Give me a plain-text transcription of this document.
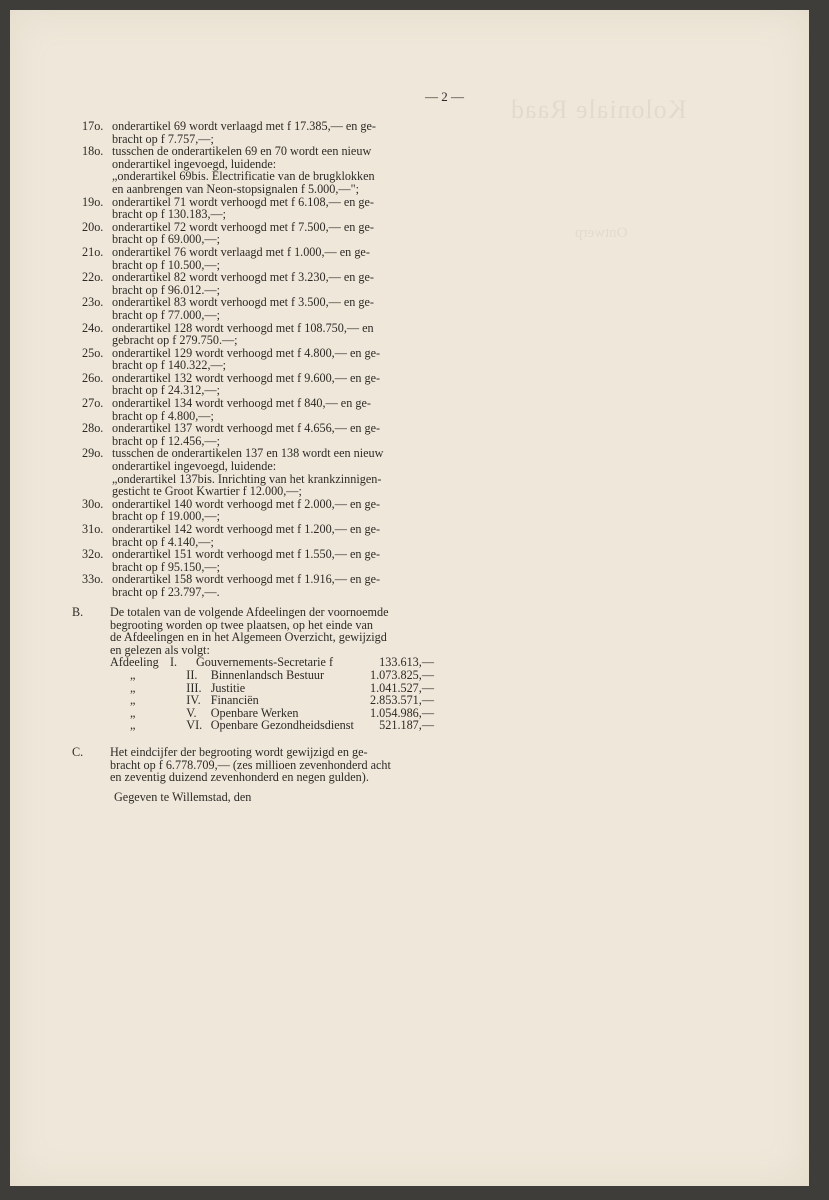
Koloniale Raad
Ontwerp
— 2 —
17o. onderartikel 69 wordt verlaagd met f 17.385,— en ge-
bracht op f 7.757,—;
18o. tusschen de onderartikelen 69 en 70 wordt een nieuw
onderartikel ingevoegd, luidende:
„onderartikel 69bis. Electrificatie van de brugklokken
en aanbrengen van Neon-stopsignalen f 5.000,—";
19o. onderartikel 71 wordt verhoogd met f 6.108,— en ge-
bracht op f 130.183,—;
20o. onderartikel 72 wordt verhoogd met f 7.500,— en ge-
bracht op f 69.000,—;
21o. onderartikel 76 wordt verlaagd met f 1.000,— en ge-
bracht op f 10.500,—;
22o. onderartikel 82 wordt verhoogd met f 3.230,— en ge-
bracht op f 96.012.—;
23o. onderartikel 83 wordt verhoogd met f 3.500,— en ge-
bracht op f 77.000,—;
24o. onderartikel 128 wordt verhoogd met f 108.750,— en
gebracht op f 279.750.—;
25o. onderartikel 129 wordt verhoogd met f 4.800,— en ge-
bracht op f 140.322,—;
26o. onderartikel 132 wordt verhoogd met f 9.600,— en ge-
bracht op f 24.312,—;
27o. onderartikel 134 wordt verhoogd met f 840,— en ge-
bracht op f 4.800,—;
28o. onderartikel 137 wordt verhoogd met f 4.656,— en ge-
bracht op f 12.456,—;
29o. tusschen de onderartikelen 137 en 138 wordt een nieuw
onderartikel ingevoegd, luidende:
„onderartikel 137bis. Inrichting van het krankzinnigen-
gesticht te Groot Kwartier f 12.000,—;
30o. onderartikel 140 wordt verhoogd met f 2.000,— en ge-
bracht op f 19.000,—;
31o. onderartikel 142 wordt verhoogd met f 1.200,— en ge-
bracht op f 4.140,—;
32o. onderartikel 151 wordt verhoogd met f 1.550,— en ge-
bracht op f 95.150,—;
33o. onderartikel 158 wordt verhoogd met f 1.916,— en ge-
bracht op f 23.797,—.
B. De totalen van de volgende Afdeelingen der voornoemde
begrooting worden op twee plaatsen, op het einde van
de Afdeelingen en in het Algemeen Overzicht, gewijzigd
en gelezen als volgt:
Afdeeling I.	Gouvernements-Secretarie f	133.613,—
„	II.	Binnenlandsch Bestuur	1.073.825,—
„	III. Justitie	1.041.527,—
„	IV. Financiën	2.853.571,—
„	V.	Openbare Werken	1.054.986,—
„	VI. Openbare Gezondheidsdienst	521.187,—
C. Het eindcijfer der begrooting wordt gewijzigd en ge-
bracht op f 6.778.709,— (zes millioen zevenhonderd acht
en zeventig duizend zevenhonderd en negen gulden).
Gegeven te Willemstad, den
